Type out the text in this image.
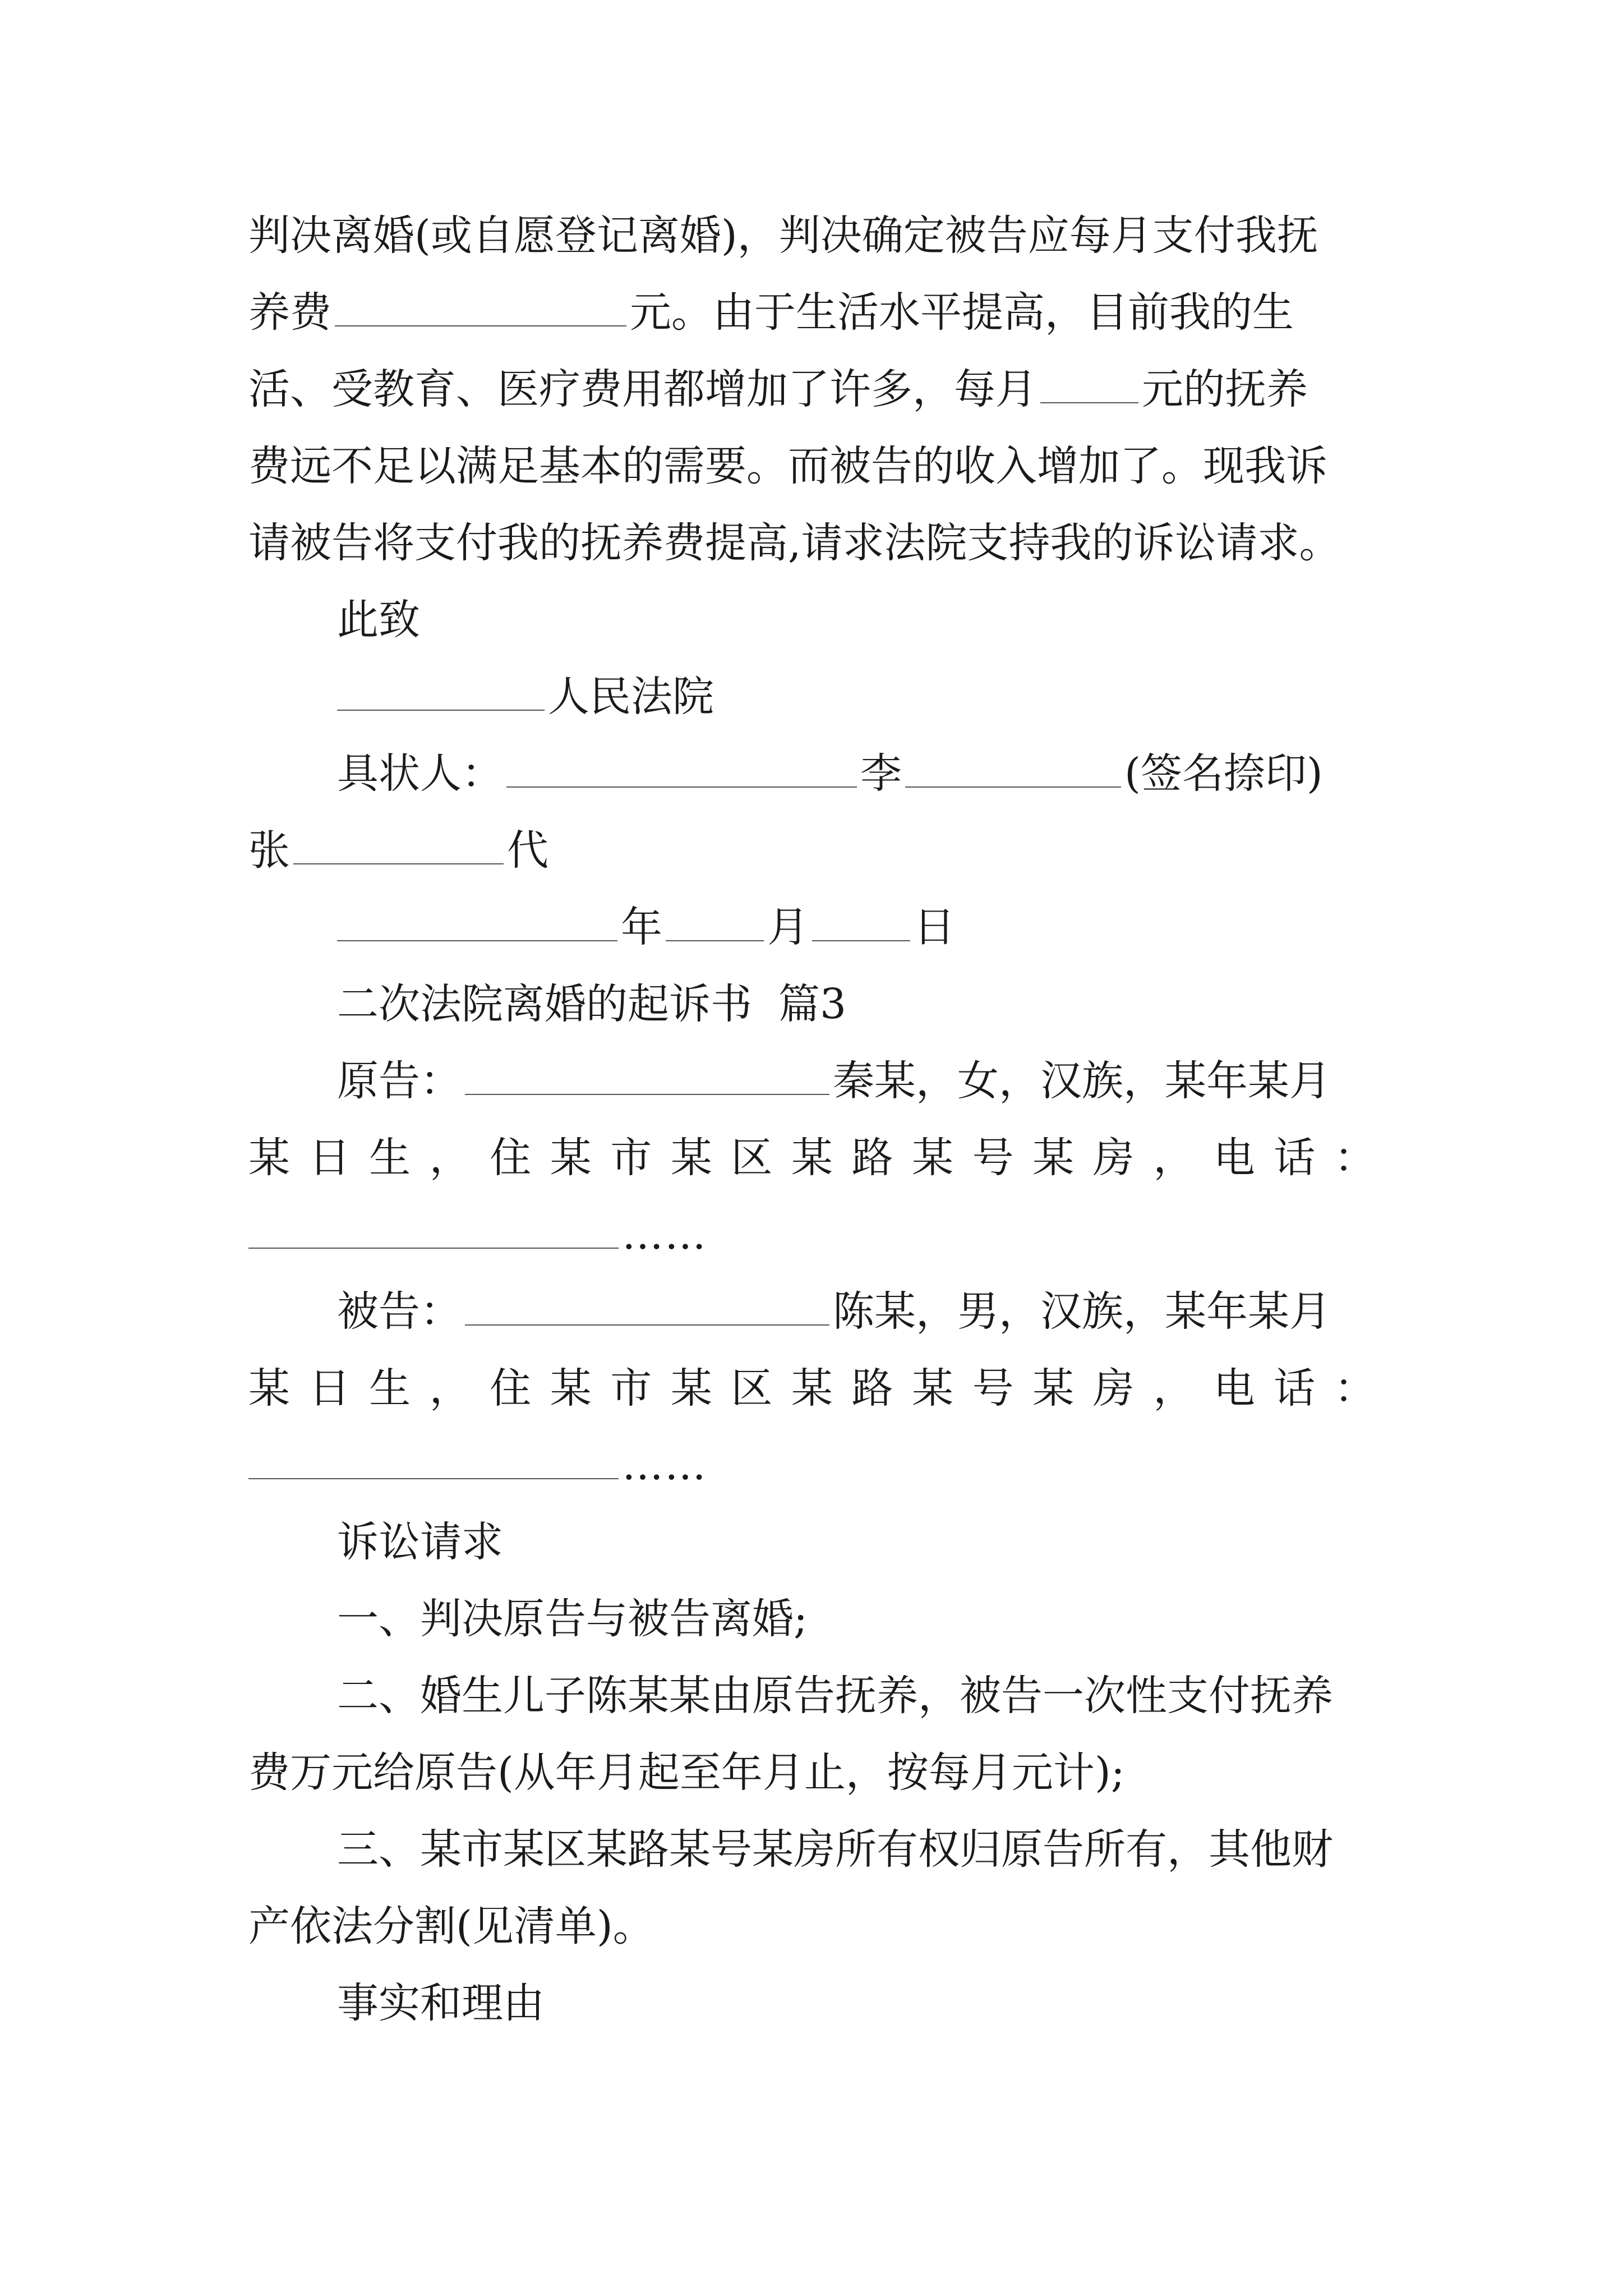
判决离婚(或自愿登记离婚)，判决确定被告应每月支付我抚
养费	元。由于生活水平提高，目前我的生
活、受教育、医疗费用都增加了许多，每月	元的抚养
费远不足以满足基本的需要。而被告的收入增加了。现我诉
请被告将支付我的抚养费提高,请求法院支持我的诉讼请求。
此致
人民法院
具状人：	李	(签名捺印)
张	代
年	月	日
二次法院离婚的起诉书  篇3
原告：	秦某，女，汉族，某年某月
某 日 生 ， 住 某 市 某 区 某 路 某 号 某 房 ， 电 话 ：
……
被告：	陈某，男，汉族，某年某月
某 日 生 ， 住 某 市 某 区 某 路 某 号 某 房 ， 电 话 ：
……
诉讼请求
一、判决原告与被告离婚;
二、婚生儿子陈某某由原告抚养，被告一次性支付抚养
费万元给原告(从年月起至年月止，按每月元计);
三、某市某区某路某号某房所有权归原告所有，其他财
产依法分割(见清单)。
事实和理由
